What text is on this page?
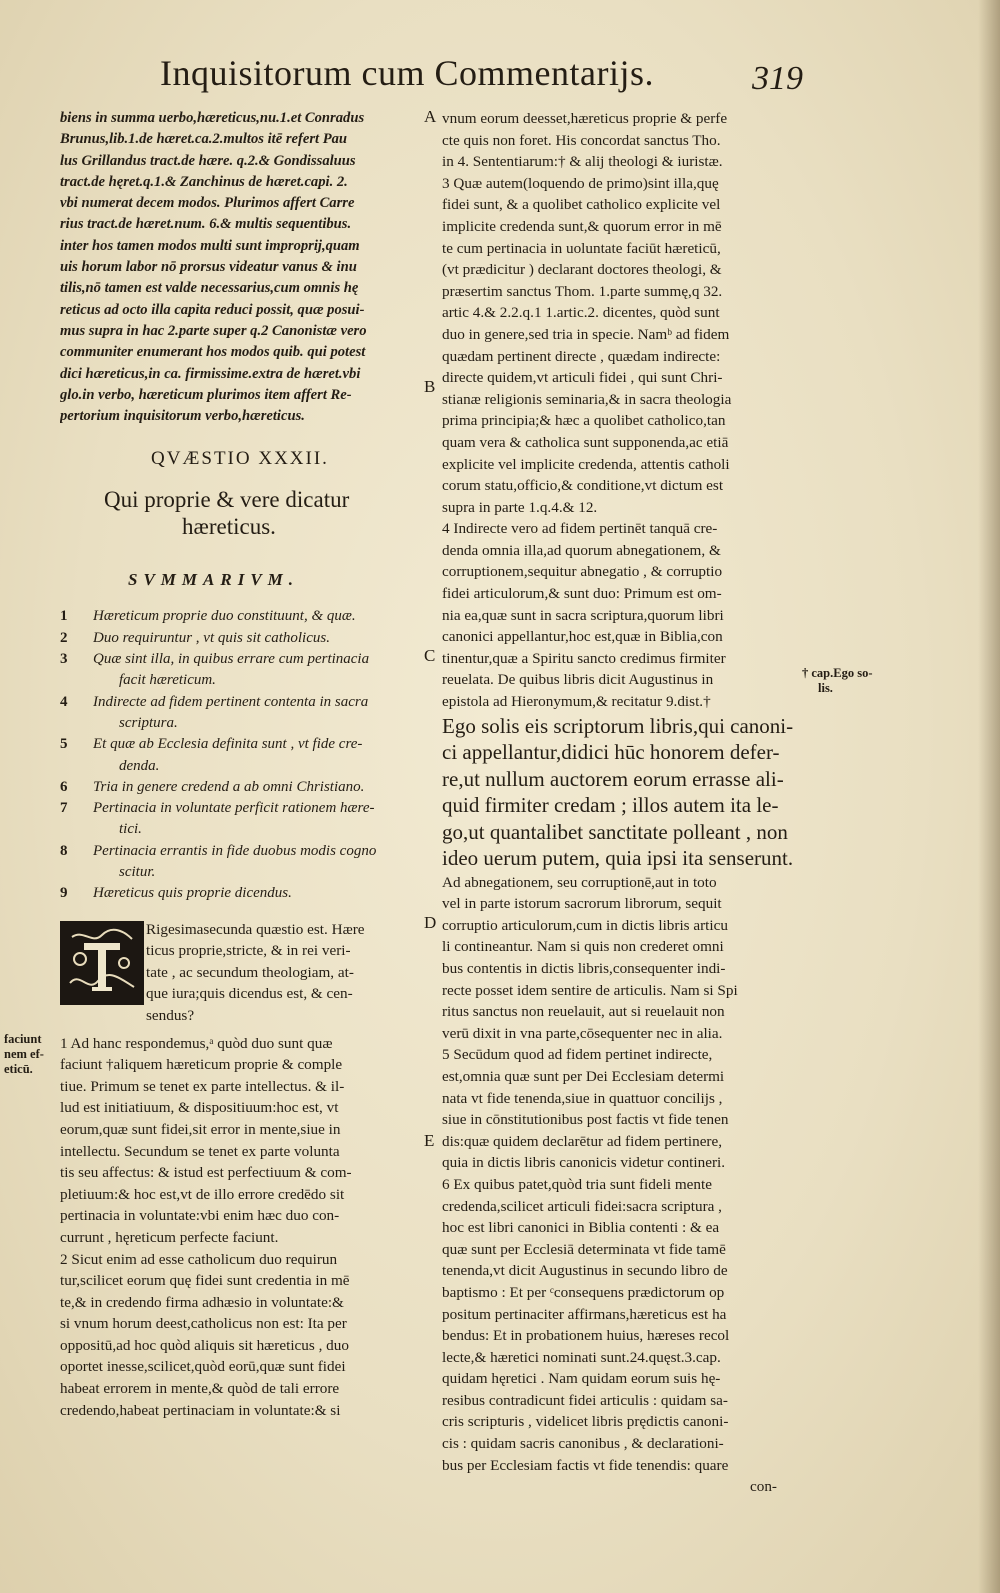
Inquisitorum cum Commentarijs.	319
biens in summa uerbo,hæreticus,nu.1.et Conradus
Brunus,lib.1.de hæret.ca.2.multos itē refert Pau
lus Grillandus tract.de hære. q.2.& Gondissaluus
tract.de hęret.q.1.& Zanchinus de hæret.capi. 2.
vbi numerat decem modos. Plurimos affert Carre
rius tract.de hæret.num. 6.& multis sequentibus.
inter hos tamen modos multi sunt improprij,quam
uis horum labor nō prorsus videatur vanus & inu
tilis,nō tamen est valde necessarius,cum omnis hę
reticus ad octo illa capita reduci possit, quæ posui-
mus supra in hac 2.parte super q.2 Canonistæ vero
communiter enumerant hos modos quib. qui potest
dici hæreticus,in ca. firmissime.extra de hæret.vbi
glo.in verbo, hæreticum plurimos item affert Re-
pertorium inquisitorum verbo,hæreticus.
QVÆSTIO XXXII.
Qui proprie & vere dicatur
hæreticus.
SVMMARIVM.
1 Hæreticum proprie duo constituunt, & quæ.
2 Duo requiruntur , vt quis sit catholicus.
3 Quæ sint illa, in quibus errare cum pertinacia
facit hæreticum.
4 Indirecte ad fidem pertinent contenta in sacra
scriptura.
5 Et quæ ab Ecclesia definita sunt , vt fide cre-
denda.
6 Tria in genere credend a ab omni Christiano.
7 Pertinacia in voluntate perficit rationem hære-
tici.
8 Pertinacia errantis in fide duobus modis cogno
scitur.
9 Hæreticus quis proprie dicendus.
Rigesimasecunda quæstio est. Hære
ticus proprie,stricte, & in rei veri-
tate , ac secundum theologiam, at-
que iura;quis dicendus est, & cen-
sendus?
1 Ad hanc respondemus,ᵃ quòd duo sunt quæ
faciunt †aliquem hæreticum proprie & comple
tiue. Primum se tenet ex parte intellectus. & il-
lud est initiatiuum, & dispositiuum:hoc est, vt
eorum,quæ sunt fidei,sit error in mente,siue in
intellectu. Secundum se tenet ex parte volunta
tis seu affectus: & istud est perfectiuum & com-
pletiuum:& hoc est,vt de illo errore credēdo sit
pertinacia in voluntate:vbi enim hæc duo con-
currunt , hęreticum perfecte faciunt.
2 Sicut enim ad esse catholicum duo requirun
tur,scilicet eorum quę fidei sunt credentia in mē
te,& in credendo firma adhæsio in voluntate:&
si vnum horum deest,catholicus non est: Ita per
oppositū,ad hoc quòd aliquis sit hæreticus , duo
oportet inesse,scilicet,quòd eorū,quæ sunt fidei
habeat errorem in mente,& quòd de tali errore
credendo,habeat pertinaciam in voluntate:& si
faciunt
nem ef-
eticū.
A
B
C
D
E
vnum eorum deesset,hæreticus proprie & perfe
cte quis non foret. His concordat sanctus Tho.
in 4. Sententiarum:† & alij theologi & iuristæ.
3 Quæ autem(loquendo de primo)sint illa,quę
fidei sunt, & a quolibet catholico explicite vel
implicite credenda sunt,& quorum error in mē
te cum pertinacia in uoluntate faciūt hæreticū,
(vt prædicitur ) declarant doctores theologi, &
præsertim sanctus Thom. 1.parte summę,q 32.
artic 4.& 2.2.q.1 1.artic.2. dicentes, quòd sunt
duo in genere,sed tria in specie. Namᵇ ad fidem
quædam pertinent directe , quædam indirecte:
directe quidem,vt articuli fidei , qui sunt Chri-
stianæ religionis seminaria,& in sacra theologia
prima principia;& hæc a quolibet catholico,tan
quam vera & catholica sunt supponenda,ac etiā
explicite vel implicite credenda, attentis catholi
corum statu,officio,& conditione,vt dictum est
supra in parte 1.q.4.& 12.
4 Indirecte vero ad fidem pertinēt tanquā cre-
denda omnia illa,ad quorum abnegationem, &
corruptionem,sequitur abnegatio , & corruptio
fidei articulorum,& sunt duo: Primum est om-
nia ea,quæ sunt in sacra scriptura,quorum libri
canonici appellantur,hoc est,quæ in Biblia,con
tinentur,quæ a Spiritu sancto credimus firmiter
reuelata. De quibus libris dicit Augustinus in
epistola ad Hieronymum,& recitatur 9.dist.†
Ego solis eis scriptorum libris,qui canoni-
ci appellantur,didici hūc honorem defer-
re,ut nullum auctorem eorum errasse ali-
quid firmiter credam ; illos autem ita le-
go,ut quantalibet sanctitate polleant , non
ideo uerum putem, quia ipsi ita senserunt.
Ad abnegationem, seu corruptionē,aut in toto
vel in parte istorum sacrorum librorum, sequit
corruptio articulorum,cum in dictis libris articu
li contineantur. Nam si quis non crederet omni
bus contentis in dictis libris,consequenter indi-
recte posset idem sentire de articulis. Nam si Spi
ritus sanctus non reuelauit, aut si reuelauit non
verū dixit in vna parte,cōsequenter nec in alia.
5 Secūdum quod ad fidem pertinet indirecte,
est,omnia quæ sunt per Dei Ecclesiam determi
nata vt fide tenenda,siue in quattuor concilijs ,
siue in cōnstitutionibus post factis vt fide tenen
dis:quæ quidem declarētur ad fidem pertinere,
quia in dictis libris canonicis videtur contineri.
6 Ex quibus patet,quòd tria sunt fideli mente
credenda,scilicet articuli fidei:sacra scriptura ,
hoc est libri canonici in Biblia contenti : & ea
quæ sunt per Ecclesiā determinata vt fide tamē
tenenda,vt dicit Augustinus in secundo libro de
baptismo : Et per ᶜconsequens prædictorum op
positum pertinaciter affirmans,hæreticus est ha
bendus: Et in probationem huius, hæreses recol
lecte,& hæretici nominati sunt.24.quęst.3.cap.
quidam hęretici . Nam quidam eorum suis hę-
resibus contradicunt fidei articulis : quidam sa-
cris scripturis , videlicet libris prędictis canoni-
cis : quidam sacris canonibus , & declarationi-
bus per Ecclesiam factis vt fide tenendis: quare
con-
† cap.Ego so-
lis.
